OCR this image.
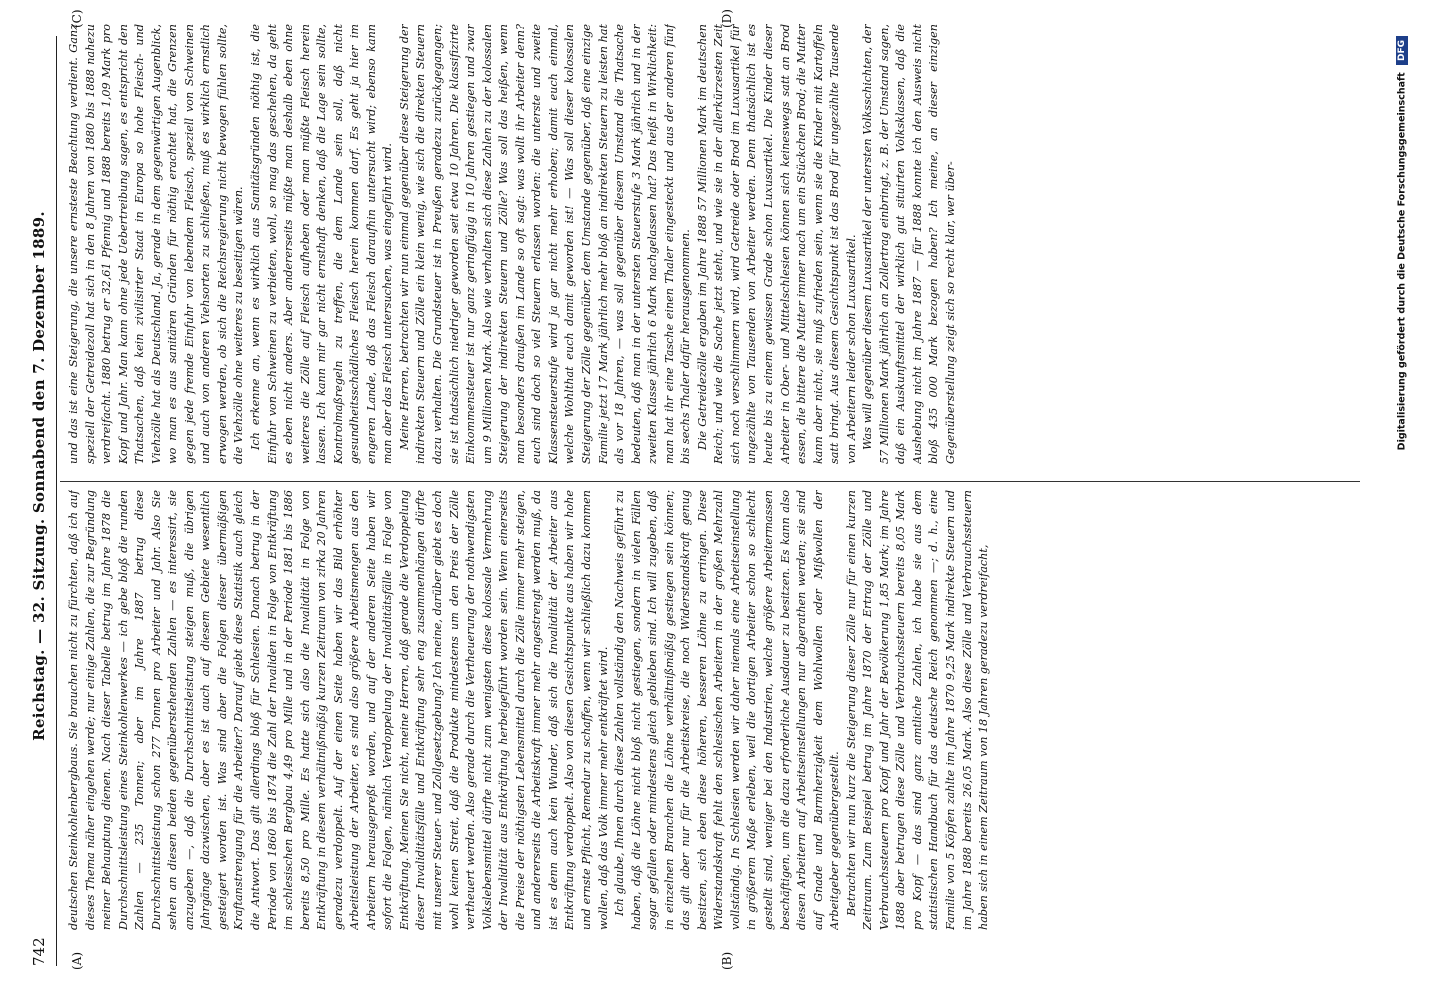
742
Reichstag. — 32. Sitzung. Sonnabend den 7. Dezember 1889.
(A)	(B)
(C)	(D)

deutschen Steinkohlenbergbaus. Sie brauchen nicht zu fürchten, daß ich auf dieses Thema näher eingehen werde; nur einige Zahlen, die zur Begründung meiner Behauptung dienen. Nach dieser Tabelle betrug im Jahre 1878 die Durchschnittsleistung eines Steinkohlenwerkes — ich gebe bloß die runden Zahlen — 235 Tonnen; aber im Jahre 1887 betrug diese Durchschnittsleistung schon 277 Tonnen pro Arbeiter und Jahr. Also Sie sehen an diesen beiden gegenüberstehenden Zahlen — es interessirt, sie anzugeben —, daß die Durchschnittsleistung steigen muß, die übrigen Jahrgänge dazwischen, aber es ist auch auf diesem Gebiete wesentlich gesteigert worden ist. Was sind aber die Folgen dieser übermäßigen Kraftanstrengung für die Arbeiter? Darauf giebt diese Statistik auch gleich die Antwort. Das gilt allerdings bloß für Schlesien. Danach betrug in der Periode von 1860 bis 1874 die Zahl der Invaliden in Folge von Entkräftung im schlesischen Bergbau 4,49 pro Mille und in der Periode 1881 bis 1886 bereits 8,50 pro Mille. Es hatte sich also die Invalidität in Folge von Entkräftung in diesem verhältnißmäßig kurzen Zeitraum von zirka 20 Jahren geradezu verdoppelt. Auf der einen Seite haben wir das Bild erhöhter Arbeitsleistung der Arbeiter, es sind also größere Arbeitsmengen aus den Arbeitern herausgepreßt worden, und auf der anderen Seite haben wir sofort die Folgen, nämlich Verdoppelung der Invaliditätsfälle in Folge von Entkräftung. Meinen Sie nicht, meine Herren, daß gerade die Verdoppelung dieser Invaliditätsfälle und Entkräftung sehr eng zusammenhängen dürfte mit unserer Steuer- und Zollgesetzgebung? Ich meine, darüber giebt es doch wohl keinen Streit, daß die Produkte mindestens um den Preis der Zölle vertheuert werden. Also gerade durch die Vertheuerung der nothwendigsten Volkslebensmittel dürfte nicht zum wenigsten diese kolossale Vermehrung der Invalidität aus Entkräftung herbeigeführt worden sein. Wenn einerseits die Preise der nöthigsten Lebensmittel durch die Zölle immer mehr steigen, und andererseits die Arbeitskraft immer mehr angestrengt werden muß, da ist es denn auch kein Wunder, daß sich die Invalidität der Arbeiter aus Entkräftung verdoppelt. Also von diesen Gesichtspunkte aus haben wir hohe und ernste Pflicht, Remedur zu schaffen, wenn wir schließlich dazu kommen wollen, daß das Volk immer mehr entkräftet wird. Ich glaube, Ihnen durch diese Zahlen vollständig den Nachweis geführt zu haben, daß die Löhne nicht bloß nicht gestiegen, sondern in vielen Fällen sogar gefallen oder mindestens gleich geblieben sind. Ich will zugeben, daß in einzelnen Branchen die Löhne verhältnißmäßig gestiegen sein können; das gilt aber nur für die Arbeitskreise, die noch Widerstandskraft genug besitzen, sich eben diese höheren, besseren Löhne zu erringen. Diese Widerstandskraft fehlt den schlesischen Arbeitern in der großen Mehrzahl vollständig. In Schlesien werden wir daher niemals eine Arbeitseinstellung in größerem Maße erleben, weil die dortigen Arbeiter schon so schlecht gestellt sind, weniger bei den Industrien, welche größere Arbeitermassen beschäftigen, um die dazu erforderliche Ausdauer zu besitzen. Es kann also diesen Arbeitern auf Arbeitseinstellungen nur abgerathen werden; sie sind auf Gnade und Barmherzigkeit dem Wohlwollen oder Mißwollen der Arbeitgeber gegenübergestellt. Betrachten wir nun kurz die Steigerung dieser Zölle nur für einen kurzen Zeitraum. Zum Beispiel betrug im Jahre 1870 der Ertrag der Zölle und Verbrauchssteuern pro Kopf und Jahr der Bevölkerung 1,85 Mark; im Jahre 1888 aber betrugen diese Zölle und Verbrauchssteuern bereits 8,05 Mark pro Kopf — das sind ganz amtliche Zahlen, ich habe sie aus dem statistischen Handbuch für das deutsche Reich genommen —; d. h., eine Familie von 5 Köpfen zahlte im Jahre 1870 9,25 Mark indirekte Steuern und im Jahre 1888 bereits 26,05 Mark. Also diese Zölle und Verbrauchssteuern haben sich in einem Zeitraum von 18 Jahren geradezu verdreifacht,

und das ist eine Steigerung, die unsere ernsteste Beachtung verdient. Ganz speziell der Getreidezoll hat sich in den 8 Jahren von 1880 bis 1888 nahezu verdreifacht. 1880 betrug er 32,61 Pfennig und 1888 bereits 1,09 Mark pro Kopf und Jahr. Man kann ohne jede Uebertreibung sagen, es entspricht den Thatsachen, daß kein zivilisirter Staat in Europa so hohe Fleisch- und Viehzölle hat als Deutschland. Ja, gerade in dem gegenwärtigen Augenblick, wo man es aus sanitären Gründen für nöthig erachtet hat, die Grenzen gegen jede fremde Einfuhr von lebendem Fleisch, speziell von Schweinen und auch von anderen Viehsorten zu schließen, muß es wirklich ernstlich erwogen werden, ob sich die Reichsregierung nicht bewogen fühlen sollte, die Viehzölle ohne weiteres zu beseitigen wären. Ich erkenne an, wenn es wirklich aus Sanitätsgründen nöthig ist, die Einfuhr von Schweinen zu verbieten, wohl, so mag das geschehen, da geht es eben nicht anders. Aber andererseits müßte man deshalb eben ohne weiteres die Zölle auf Fleisch aufheben oder man müßte Fleisch herein lassen. Ich kann mir gar nicht ernsthaft denken, daß die Lage sein sollte, Kontrolmaßregeln zu treffen, die dem Lande sein soll, daß nicht gesundheitsschädliches Fleisch herein kommen darf. Es geht ja hier im engeren Lande, daß das Fleisch daraufhin untersucht wird; ebenso kann man aber das Fleisch untersuchen, was eingeführt wird. Meine Herren, betrachten wir nun einmal gegenüber diese Steigerung der indirekten Steuern und Zölle ein klein wenig, wie sich die direkten Steuern dazu verhalten. Die Grundsteuer ist in Preußen geradezu zurückgegangen; sie ist thatsächlich niedriger geworden seit etwa 10 Jahren. Die klassifizirte Einkommensteuer ist nur ganz geringfügig in 10 Jahren gestiegen und zwar um 9 Millionen Mark. Also wie verhalten sich diese Zahlen zu der kolossalen Steigerung der indirekten Steuern und Zölle? Was soll das heißen, wenn man besonders draußen im Lande so oft sagt: was wollt ihr Arbeiter denn? euch sind doch so viel Steuern erlassen worden: die unterste und zweite Klassensteuerstufe wird ja gar nicht mehr erhoben; damit euch einmal, welche Wohlthat euch damit geworden ist! — Was soll dieser kolossalen Steigerung der Zölle gegenüber, dem Umstande gegenüber, daß eine einzige Familie jetzt 17 Mark jährlich mehr bloß an indirekten Steuern zu leisten hat als vor 18 Jahren, — was soll gegenüber diesem Umstand die Thatsache bedeuten, daß man in der untersten Steuerstufe 3 Mark jährlich und in der zweiten Klasse jährlich 6 Mark nachgelassen hat? Das heißt in Wirklichkeit: man hat ihr eine Tasche einen Thaler eingesteckt und aus der anderen fünf bis sechs Thaler dafür herausgenommen. Die Getreidezölle ergaben im Jahre 1888 57 Millionen Mark im deutschen Reich; und wie die Sache jetzt steht, und wie sie in der allerkürzesten Zeit sich noch verschlimmern wird, wird Getreide oder Brod im Luxusartikel für ungezählte von Tausenden von Arbeiter werden. Denn thatsächlich ist es heute bis zu einem gewissen Grade schon Luxusartikel. Die Kinder dieser Arbeiter in Ober- und Mittelschlesien können sich keineswegs satt an Brod essen, die bittere die Mutter immer nach um ein Stückchen Brod; die Mutter kann aber nicht, sie muß zufrieden sein, wenn sie die Kinder mit Kartoffeln satt bringt. Aus diesem Gesichtspunkt ist das Brod für ungezählte Tausende von Arbeitern leider schon Luxusartikel. Was will gegenüber diesem Luxusartikel der untersten Volksschichten, der 57 Millionen Mark jährlich an Zollertrag einbringt, z. B. der Umstand sagen, daß ein Auskunftsmittel der wirklich gut situirten Volksklassen, daß die Aushebung nicht im Jahre 1887 — für 1888 konnte ich den Ausweis nicht bloß 435 000 Mark bezogen haben? Ich meine, an dieser einzigen Gegenüberstellung zeigt sich so recht klar, wer über-	Digitalisierung gefördert durch die Deutsche Forschungsgemeinschaft DFG
